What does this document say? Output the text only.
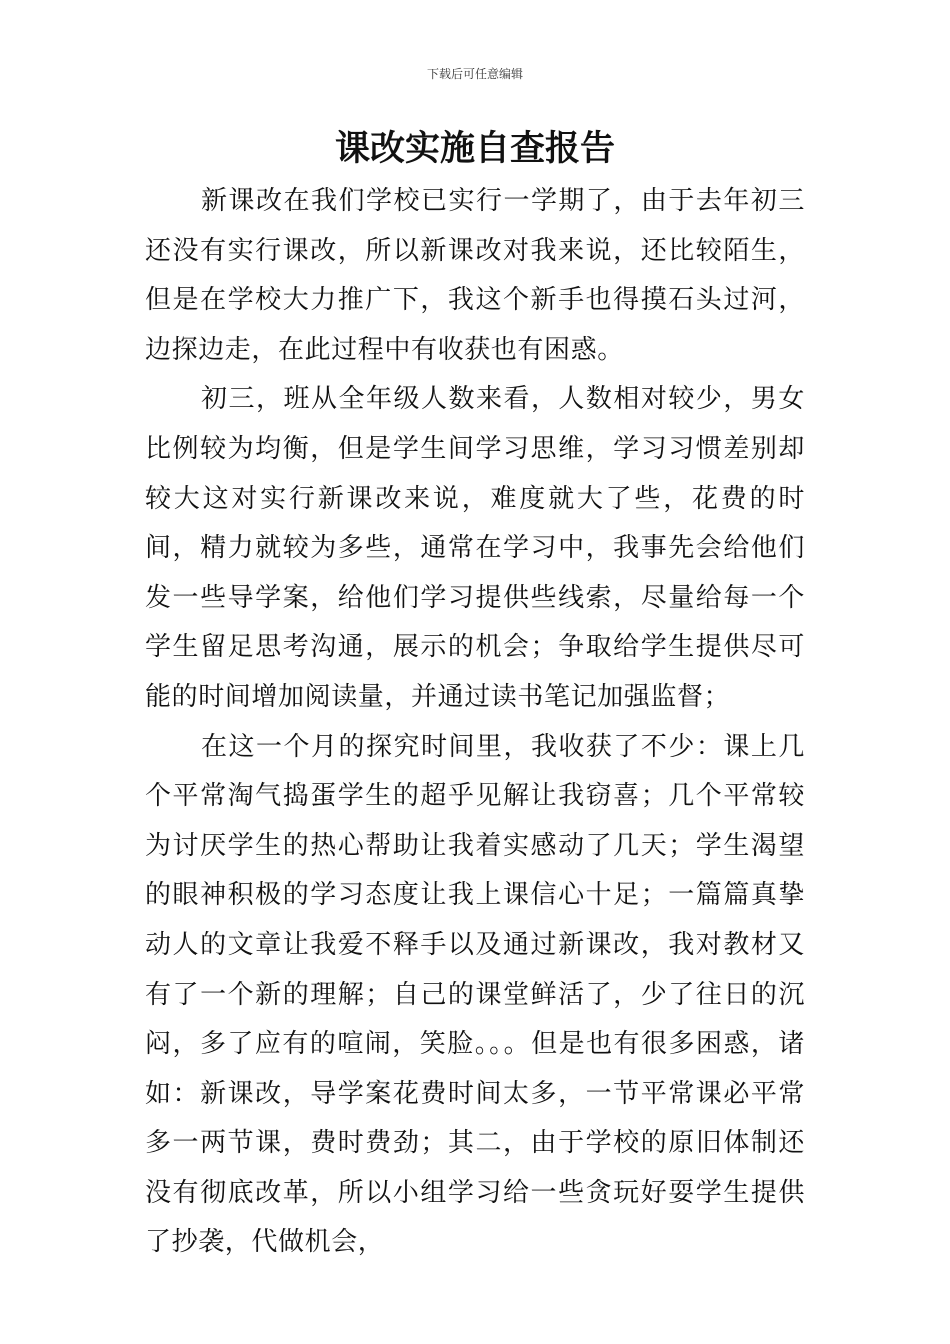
下载后可任意编辑
课改实施自查报告

新课改在我们学校已实行一学期了，由于去年初三还没有实行课改，所以新课改对我来说，还比较陌生，但是在学校大力推广下，我这个新手也得摸石头过河，边探边走，在此过程中有收获也有困惑。

初三，班从全年级人数来看，人数相对较少，男女比例较为均衡，但是学生间学习思维，学习习惯差别却较大这对实行新课改来说，难度就大了些，花费的时间，精力就较为多些，通常在学习中，我事先会给他们发一些导学案，给他们学习提供些线索，尽量给每一个学生留足思考沟通，展示的机会；争取给学生提供尽可能的时间增加阅读量，并通过读书笔记加强监督；

在这一个月的探究时间里，我收获了不少：课上几个平常淘气捣蛋学生的超乎见解让我窃喜；几个平常较为讨厌学生的热心帮助让我着实感动了几天；学生渴望的眼神积极的学习态度让我上课信心十足；一篇篇真挚动人的文章让我爱不释手以及通过新课改，我对教材又有了一个新的理解；自己的课堂鲜活了，少了往日的沉闷，多了应有的喧闹，笑脸。。。但是也有很多困惑，诸如：新课改，导学案花费时间太多，一节平常课必平常多一两节课，费时费劲；其二，由于学校的原旧体制还没有彻底改革，所以小组学习给一些贪玩好耍学生提供了抄袭，代做机会，
